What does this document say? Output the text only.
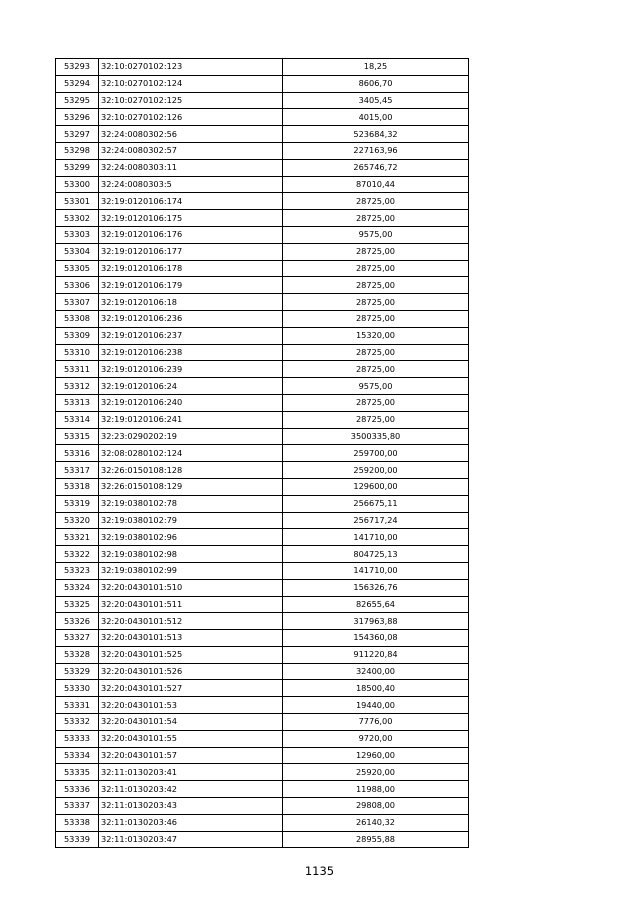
53293	32:10:0270102:123	18,25
53294	32:10:0270102:124	8606,70
53295	32:10:0270102:125	3405,45
53296	32:10:0270102:126	4015,00
53297	32:24:0080302:56	523684,32
53298	32:24:0080302:57	227163,96
53299	32:24:0080303:11	265746,72
53300	32:24:0080303:5	87010,44
53301	32:19:0120106:174	28725,00
53302	32:19:0120106:175	28725,00
53303	32:19:0120106:176	9575,00
53304	32:19:0120106:177	28725,00
53305	32:19:0120106:178	28725,00
53306	32:19:0120106:179	28725,00
53307	32:19:0120106:18	28725,00
53308	32:19:0120106:236	28725,00
53309	32:19:0120106:237	15320,00
53310	32:19:0120106:238	28725,00
53311	32:19:0120106:239	28725,00
53312	32:19:0120106:24	9575,00
53313	32:19:0120106:240	28725,00
53314	32:19:0120106:241	28725,00
53315	32:23:0290202:19	3500335,80
53316	32:08:0280102:124	259700,00
53317	32:26:0150108:128	259200,00
53318	32:26:0150108:129	129600,00
53319	32:19:0380102:78	256675,11
53320	32:19:0380102:79	256717,24
53321	32:19:0380102:96	141710,00
53322	32:19:0380102:98	804725,13
53323	32:19:0380102:99	141710,00
53324	32:20:0430101:510	156326,76
53325	32:20:0430101:511	82655,64
53326	32:20:0430101:512	317963,88
53327	32:20:0430101:513	154360,08
53328	32:20:0430101:525	911220,84
53329	32:20:0430101:526	32400,00
53330	32:20:0430101:527	18500,40
53331	32:20:0430101:53	19440,00
53332	32:20:0430101:54	7776,00
53333	32:20:0430101:55	9720,00
53334	32:20:0430101:57	12960,00
53335	32:11:0130203:41	25920,00
53336	32:11:0130203:42	11988,00
53337	32:11:0130203:43	29808,00
53338	32:11:0130203:46	26140,32
53339	32:11:0130203:47	28955,88
1135
